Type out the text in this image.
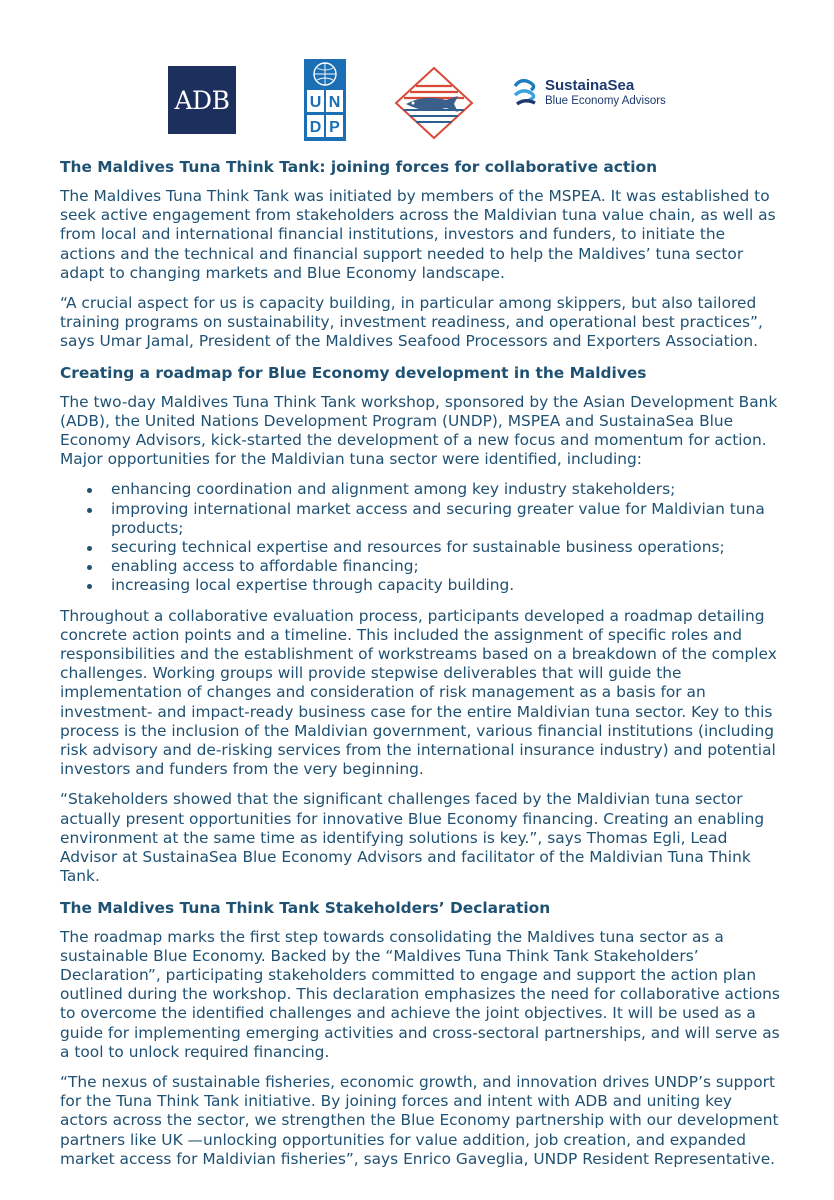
ADB	U N
D P
SustainaSea
Blue Economy Advisors
The Maldives Tuna Think Tank: joining forces for collaborative action

The Maldives Tuna Think Tank was initiated by members of the MSPEA. It was established to seek active engagement from stakeholders across the Maldivian tuna value chain, as well as from local and international financial institutions, investors and funders, to initiate the actions and the technical and financial support needed to help the Maldives’ tuna sector adapt to changing markets and Blue Economy landscape.

“A crucial aspect for us is capacity building, in particular among skippers, but also tailored training programs on sustainability, investment readiness, and operational best practices”, says Umar Jamal, President of the Maldives Seafood Processors and Exporters Association.

Creating a roadmap for Blue Economy development in the Maldives

The two-day Maldives Tuna Think Tank workshop, sponsored by the Asian Development Bank (ADB), the United Nations Development Program (UNDP), MSPEA and SustainaSea Blue Economy Advisors, kick-started the development of a new focus and momentum for action. Major opportunities for the Maldivian tuna sector were identified, including:

enhancing coordination and alignment among key industry stakeholders;
improving international market access and securing greater value for Maldivian tuna products;
securing technical expertise and resources for sustainable business operations;
enabling access to affordable financing;
increasing local expertise through capacity building.

Throughout a collaborative evaluation process, participants developed a roadmap detailing concrete action points and a timeline. This included the assignment of specific roles and responsibilities and the establishment of workstreams based on a breakdown of the complex challenges. Working groups will provide stepwise deliverables that will guide the implementation of changes and consideration of risk management as a basis for an investment- and impact-ready business case for the entire Maldivian tuna sector. Key to this process is the inclusion of the Maldivian government, various financial institutions (including risk advisory and de-risking services from the international insurance industry) and potential investors and funders from the very beginning.

“Stakeholders showed that the significant challenges faced by the Maldivian tuna sector actually present opportunities for innovative Blue Economy financing. Creating an enabling environment at the same time as identifying solutions is key.”, says Thomas Egli, Lead Advisor at SustainaSea Blue Economy Advisors and facilitator of the Maldivian Tuna Think Tank.

The Maldives Tuna Think Tank Stakeholders’ Declaration

The roadmap marks the first step towards consolidating the Maldives tuna sector as a sustainable Blue Economy. Backed by the “Maldives Tuna Think Tank Stakeholders’ Declaration”, participating stakeholders committed to engage and support the action plan outlined during the workshop. This declaration emphasizes the need for collaborative actions to overcome the identified challenges and achieve the joint objectives. It will be used as a guide for implementing emerging activities and cross-sectoral partnerships, and will serve as a tool to unlock required financing.

“The nexus of sustainable fisheries, economic growth, and innovation drives UNDP’s support for the Tuna Think Tank initiative. By joining forces and intent with ADB and uniting key actors across the sector, we strengthen the Blue Economy partnership with our development partners like UK —unlocking opportunities for value addition, job creation, and expanded market access for Maldivian fisheries”, says Enrico Gaveglia, UNDP Resident Representative.
